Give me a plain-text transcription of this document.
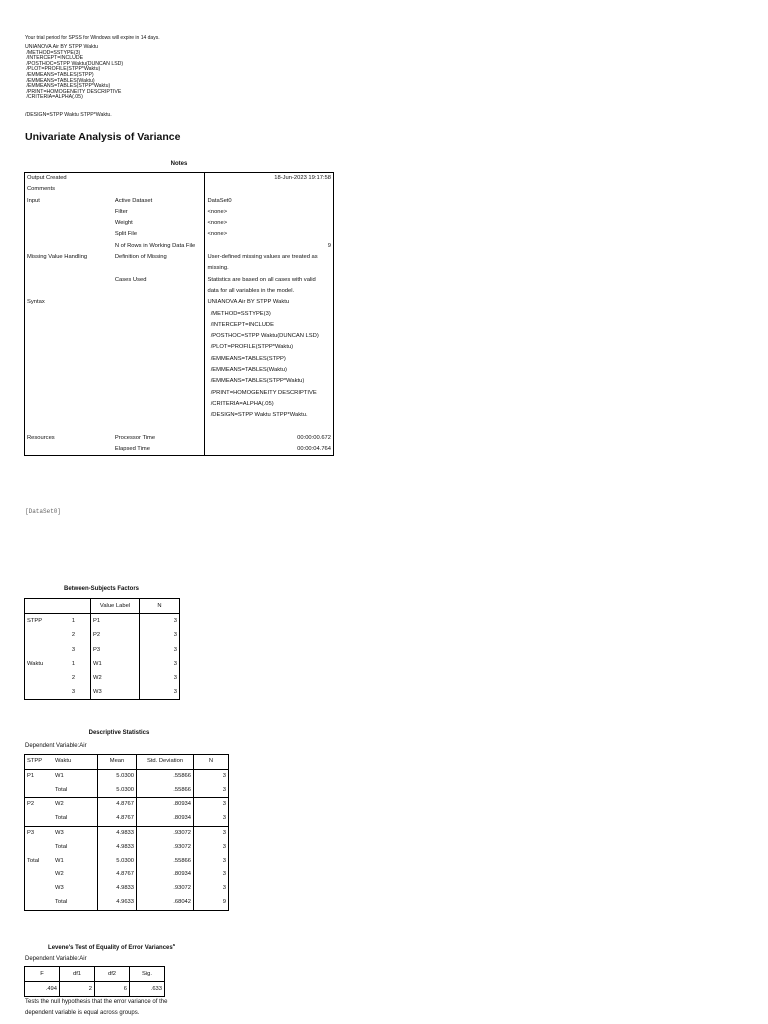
Your trial period for SPSS for Windows will expire in 14 days.
UNIANOVA Air BY STPP Waktu
/METHOD=SSTYPE(3)
/INTERCEPT=INCLUDE
/POSTHOC=STPP Waktu(DUNCAN LSD)
/PLOT=PROFILE(STPP*Waktu)
/EMMEANS=TABLES(STPP)
/EMMEANS=TABLES(Waktu)
/EMMEANS=TABLES(STPP*Waktu)
/PRINT=HOMOGENEITY DESCRIPTIVE
/CRITERIA=ALPHA(.05)
/DESIGN=STPP Waktu STPP*Waktu.
Univariate Analysis of Variance
Notes
Output Created		18-Jun-2023 19:17:58
Comments		
Input	Active Dataset	DataSet0
	Filter	<none>
	Weight	<none>
	Split File	<none>
	N of Rows in Working Data File	9
Missing Value Handling	Definition of Missing	User-defined missing values are treated as
		missing.
	Cases Used	Statistics are based on all cases with valid
		data for all variables in the model.
Syntax		UNIANOVA Air BY STPP Waktu
		/METHOD=SSTYPE(3)
		/INTERCEPT=INCLUDE
		/POSTHOC=STPP Waktu(DUNCAN LSD)
		/PLOT=PROFILE(STPP*Waktu)
		/EMMEANS=TABLES(STPP)
		/EMMEANS=TABLES(Waktu)
		/EMMEANS=TABLES(STPP*Waktu)
		/PRINT=HOMOGENEITY DESCRIPTIVE
		/CRITERIA=ALPHA(.05)
		/DESIGN=STPP Waktu STPP*Waktu.

Resources	Processor Time	00:00:00.672
	Elapsed Time	00:00:04.764
[DataSet0]
Between-Subjects Factors
		Value Label	N
STPP	1	P1	3
	2	P2	3
	3	P3	3
Waktu	1	W1	3
	2	W2	3
	3	W3	3
Descriptive Statistics
Dependent Variable:Air
STPP	Waktu	Mean	Std. Deviation	N
P1	W1	5.0300	.55866	3
	Total	5.0300	.55866	3
P2	W2	4.8767	.80934	3
	Total	4.8767	.80934	3
P3	W3	4.9833	.93072	3
	Total	4.9833	.93072	3
Total	W1	5.0300	.55866	3
	W2	4.8767	.80934	3
	W3	4.9833	.93072	3
	Total	4.9633	.68042	9
Levene's Test of Equality of Error Variances$^a$
Dependent Variable:Air
F	df1	df2	Sig.
.494	2	6	.633
Tests the null hypothesis that the error variance of the
dependent variable is equal across groups.
